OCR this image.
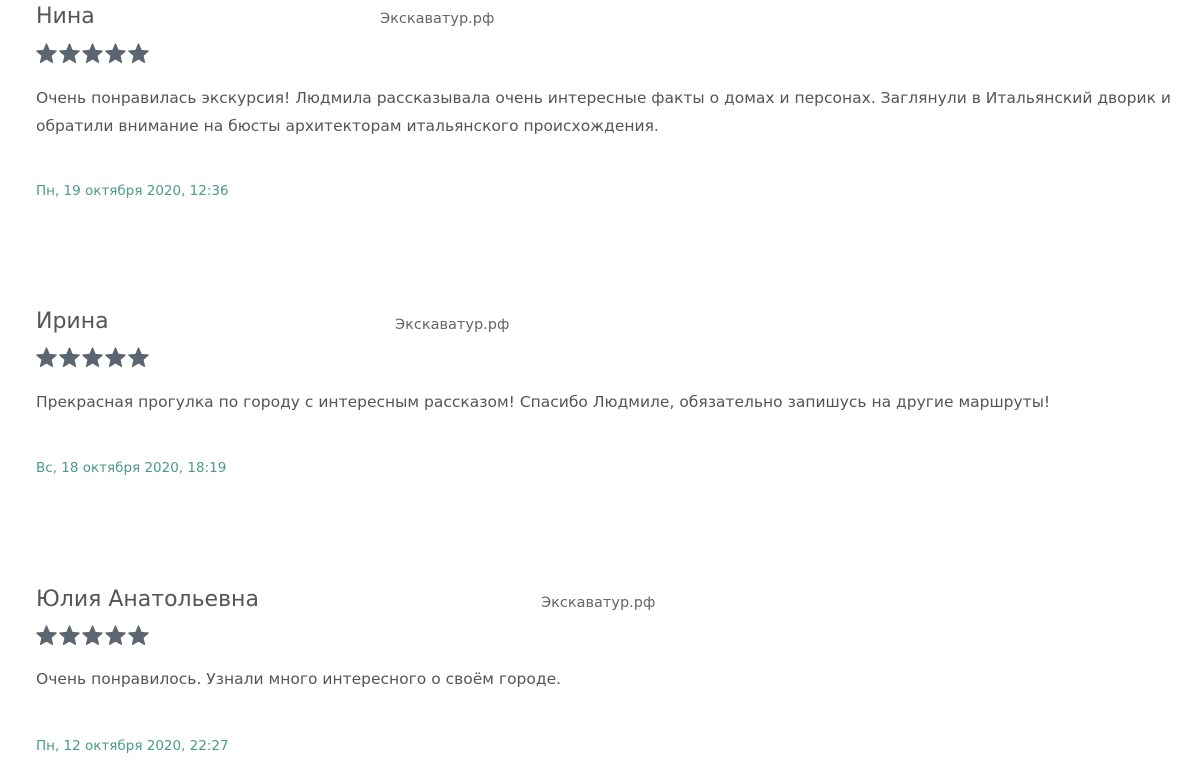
Нина	Экскаватур.рф
Очень понравилась экскурсия! Людмила рассказывала очень интересные факты о домах и персонах. Заглянули в Итальянский дворик и обратили внимание на бюсты архитекторам итальянского происхождения.
Пн, 19 октября 2020, 12:36
Ирина	Экскаватур.рф
Прекрасная прогулка по городу с интересным рассказом! Спасибо Людмиле, обязательно запишусь на другие маршруты!
Вс, 18 октября 2020, 18:19
Юлия Анатольевна	Экскаватур.рф
Очень понравилось. Узнали много интересного о своём городе.
Пн, 12 октября 2020, 22:27
